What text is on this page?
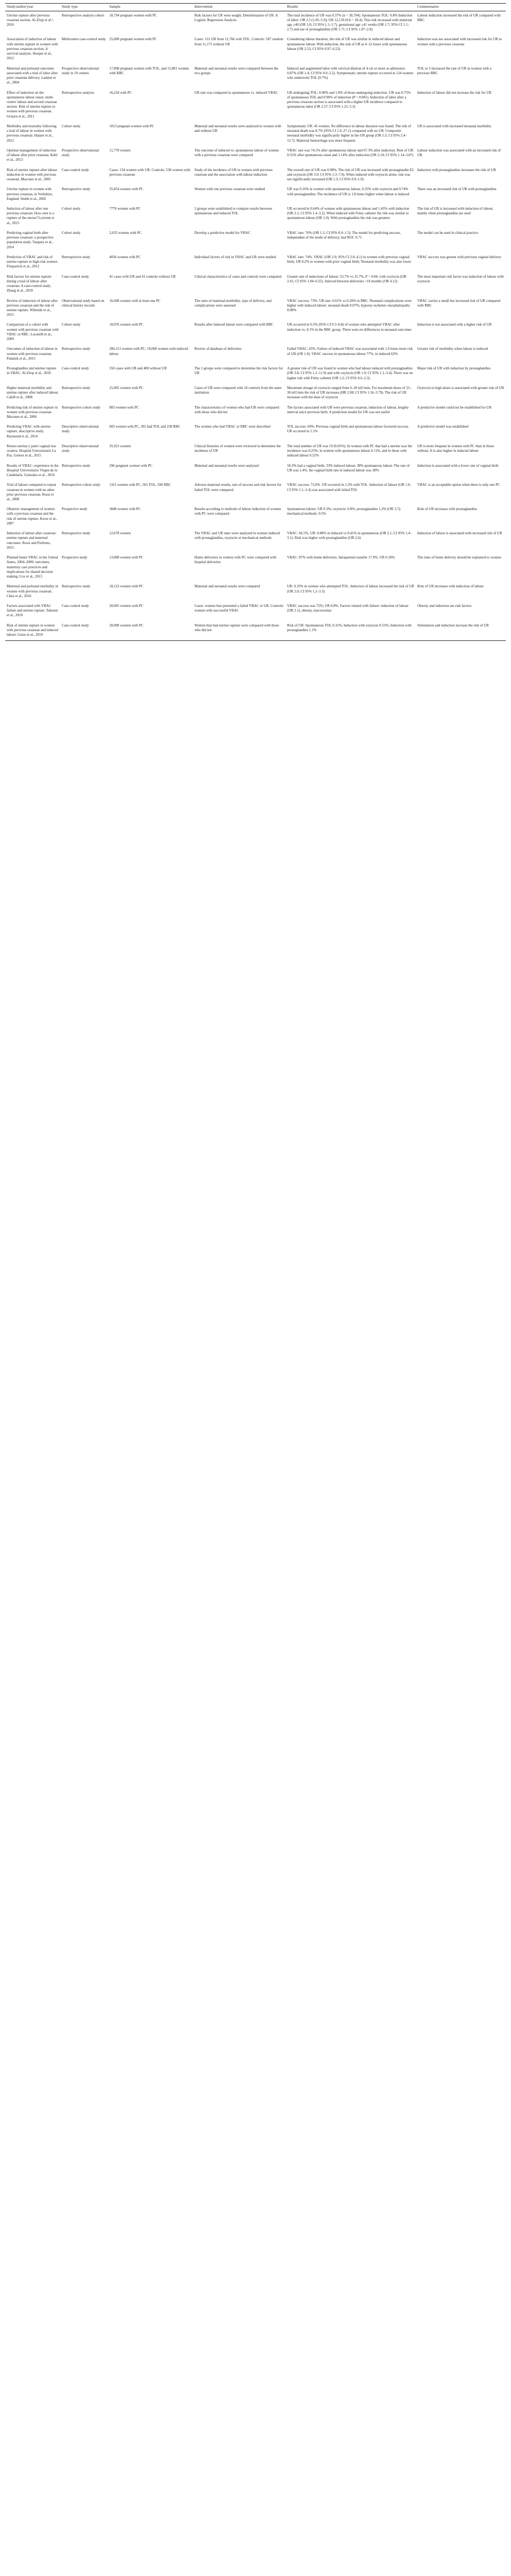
Study/author/year	Study type	Sample	Intervention	Results	Commentaries
Uterine rupture after previous cesarean section. Al-Zirqi et al.², 2016	Retrospective analysis cohort	18,794 pregnant women with PC	Risk factors for UR were sought. Determination of UR. A Logistic Regression Analysis	The total incidence of UR was 0.37% (n = 18,794). Spontaneous TOL: 0.8% Induction of labor: OR 2.5 (1.05–5.9); UR 12,110 (0.6 = 18.4). This risk increased with maternal age ≥40 (OR 3.0; CI 95% 1.1–5.7), gestational age ≥41 weeks (OR 1.7; 95% CI 1.1–2.7) and use of prostaglandins (OR 1.71; CI 95% 1.07–2.8)	Labour induction increased the risk of UR compared with RBC
Association of induction of labour with uterine rupture in women with previous cesarean section: A survival analysis. Hooper et al., 2012	Multicentre case-control study	25,000 pregnant women with PC	Cases: 131 UR from 11,766 with TOL. Controls: 587 random from 11,175 without UR	Considering labour duration, the risk of UR was similar in induced labour and spontaneous labour. With induction, the risk of UR at 4–12 hours with spontaneous labour (OR 2.52; CI 95% 0.97–6.52)	Induction was not associated with increased risk for UR in women with a previous cesarean
Maternal and perinatal outcomes associated with a trial of labor after prior cesarean delivery. Landon et al., 2004	Prospective observational study in 19 centres	17,898 pregnant women with TOL; and 15,801 women with RBC	Maternal and neonatal results were compared between the two groups	Induced and augmented labor with cervical dilation of 4 cm or more at admission: 0.87% (OR 1.4; CI 95% 0.9–2.2). Symptomatic uterine rupture occurred in 124 women who underwent TOL (0.7%)	TOL in 3 increased the rate of UR in women with a previous RBC
Effect of induction on the spontaneous labour onset; multi-centric labour and second cesarean section. Risk of uterine rupture in women with previous cesarean. Grisaru et al., 2011	Retrospective analysis	16,234 with PC	UR rate was compared in spontaneous vs. induced VBAC	UR undergoing TOL: 0.90% and 1.8% of those undergoing induction. UR was 0.75% of spontaneous TOL and 0.96% of induction (P < 0.001). Induction of labor after a previous cesarean section is associated with a higher UR incidence compared to spontaneous labor (OR 2.57; CI 95% 1.25–5.3)	Induction of labour did not increase the risk for UR
Morbidity and mortality following a trial of labour in women with previous cesarean. Harper et al., 2012	Cohort study	1013 pregnant women with PC	Maternal and neonatal results were analyzed in women with and without UR	Symptomatic UR: 45 women. No difference in labour duration was found. The risk of neonatal death was 8.7% (95% CI 1.6–27.1) compared with no UR. Composite neonatal morbidity was significantly higher in the UR group (OR 5.5; CI 95% 2.4–12.7). Maternal hemorrhage was more frequent	UR is associated with increased neonatal morbidity
Optimal management of induction of labour after prior cesarean. Kehl et al., 2013	Prospective observational study	11,778 women	The outcome of induced vs. spontaneous labour of women with a previous cesarean were compared	VBAC rate was 74.1% after spontaneous labour and 67.3% after induction. Risk of UR: 0.55% after spontaneous onset and 1.14% after induction (OR 2.10; CI 95% 1.14–3.87)	Labour induction was associated with an increased risk of UR
Risk of uterine rupture after labour induction in women with previous cesarean. Macones et al., 2005	Case-control study	Cases: 134 women with UR. Controls: 538 women with previous cesarean	Study of the incidence of UR in women with previous cesarean and the association with labour induction	The overall rate of UR was 0.98%. The risk of UR was increased with prostaglandin E2 and oxytocin (OR 3.0; CI 95% 1.3–7.0). When induced with oxytocin alone, risk was not significantly increased (OR 1.3; CI 95% 0.9–1.9)	Induction with prostaglandins increases the risk of UR
Uterine rupture in women with previous cesarean, in Yorkshire, England. Smith et al., 2002	Retrospective study	35,854 women with PC	Women with one previous cesarean were studied	UR was 0.16% in women with spontaneous labour, 0.35% with oxytocin and 0.74% with prostaglandins. The incidence of UR is 1.8 times higher when labour is induced	There was an increased risk of UR with prostaglandins
Induction of labour after one previous cesarean: How sure is a rupture of the uterus? Lovrenn et al., 2015	Cohort study	7770 women with PC	2 groups were established to compare results between spontaneous and induced TOL	UR occurred in 0.64% of women with spontaneous labour and 1.45% with induction (OR 2.1; CI 95% 1.4–3.2). When induced with Foley catheter the risk was similar to spontaneous labour (OR 1.0). With prostaglandins the risk was greatest	The risk of UR is increased with induction of labour, mainly when prostaglandins are used
Predicting vaginal birth after previous cesarean: a prospective population study. Vasquez et al., 2014	Cohort study	2,635 women with PC	Develop a predictive model for VBAC	VBAC rate: 76% (OR 1.2; CI 95% 0.9–1.5). The model for predicting success, independent of the mode of delivery, had ROC 0.71	The model can be used in clinical practice
Prediction of VBAC and risk of uterine rupture in high-risk women. Fitzpatrick et al., 2012	Retrospective study	4036 women with PC	Individual factors of risk in VBAC and UR were studied	VBAC rate: 74%. VBAC (OR 2.9; 95% CI 2.0–4.1) in women with previous vaginal birth; UR 0.2% in women with prior vaginal birth; Neonatal morbidity was also lower	VBAC success was greater with previous vaginal delivery
Risk factors for uterine rupture during a trial of labour after cesarean: A case-control study. Zhang et al., 2018	Case-control study	41 cases with UR and 41 controls without UR	Clinical characteristics of cases and controls were compared	Greater rate of inductions of labour: 53.7% vs 31.7%, P = 0.04; with oxytocin (OR 2.61; CI 95% 1.04–6.55). Interval between deliveries <18 months (OR 4.12)	The most important risk factor was induction of labour with oxytocin
Review of induction of labour after previous cesarean and the risk of uterine rupture. Wilmink et al., 2015	Observational study based on clinical history records	16,600 women with at least one PC	The rates of maternal morbidity, type of delivery, and complications were assessed	VBAC success: 73%. UR rate: 0.61% vs 0.20% in RBC. Neonatal complications were higher with induced labour: neonatal death 0.07%; hypoxic-ischemic encephalopathy 0.08%	VBAC carries a small but increased risk of UR compared with RBC
Comparison of a cohort with women with previous cesarean with VBAC or RBC. Locatelli et al., 2009	Cohort study	10,076 women with PC	Results after induced labour were compared with RBC	UR occurred in 0.5% (95% CI 0.3–0.8) of women who attempted VBAC after induction vs. 0.1% in the RBC group. There were no differences in neonatal outcomes	Induction is not associated with a higher risk of UR
Outcomes of induction of labour in women with previous cesarean. Palatnik et al., 2015	Retrospective study	206,113 women with PC; 19,068 women with induced labour	Review of database of deliveries	Failed VBAC: 43%. Failure of induced VBAC was associated with 1.9 times more risk of UR (OR 1.9). VBAC success in spontaneous labour 77%, in induced 62%	Greater risk of morbidity when labour is induced
Prostaglandins and uterine rupture in VBAC. Al-Zirqi et al., 2010	Case-control study	350 cases with UR and 400 without UR	The 2 groups were compared to determine the risk factors for UR	A greater risk of UR was found in women who had labour induced with prostaglandins (OR 3.8; CI 95% 1.2–11.9) and with oxytocin (OR 1.9; CI 95% 1.1–3.4). There was no higher risk with Foley catheter (OR 1.2; CI 95% 0.6–2.3)	Major risk of UR with induction by prostaglandins
Higher maternal morbidity and uterine rupture after induced labour. Cahill et al., 2008	Retrospective study	25,005 women with PC	Cases of UR were compared with 10 controls from the same institution	Maximum dosage of oxytocin ranged from 6–20 mU/min. For maximum doses of 21–30 mU/min the risk of UR increases (HR 2.08; CI 95% 1.16–3.79). The risk of UR increases with the dose of oxytocin	Oxytocin in high doses is associated with greater risk of UR
Predicting risk of uterine rupture in women with previous cesarean. Macones et al., 2006	Retrospective cohort study	803 women with PC	The characteristics of women who had UR were compared with those who did not	The factors associated with UR were previous cesarean, induction of labour, lengthy interval since previous birth. A prediction model for UR was not useful	A predictive model could not be established for UR
Predicting VBAC with uterine rupture, descriptive study. Raymond et al., 2014	Descriptive observational study	603 women with PC, 365 had TOL and 238 RBC	The women who had VBAC or RBC were described	TOL success: 69%. Previous vaginal birth and spontaneous labour favoured success. UR occurred in 1.1%	A predictive model was established
Rotura uterina y parto vaginal tras cesárea. Hospital Universitario La Paz. Gomez et al., 2015	Descriptive observational study	35,923 women	Clinical histories of women were reviewed to determine the incidence of UR	The total number of UR was 19 (0.05%). In women with PC that had a uterine scar the incidence was 0.23%; in women with spontaneous labour 0.11%, and in those with induced labour 0.52%	UR is more frequent in women with PC than in those without. It is also higher in induced labour
Results of VBAC: experience in the Hospital Universitario Virgen de la Candelaria. Gonzalez et al., 2016	Retrospective study	296 pregnant women with PC	Maternal and neonatal results were analyzed	50.3% had a vaginal birth; 33% induced labour, 38% spontaneous labour. The rate of UR was 1.4%, the vaginal birth rate in induced labour was 38%	Induction is associated with a lower rate of vaginal birth
Trial of labour compared to repeat cesarean in women with no other prior previous cesarean. Rossi et al., 2008	Retrospective cohort study	1161 women with PC; 565 TOL, 596 RBC	Adverse maternal results, rate of success and risk factors for failed TOL were compared	VBAC success: 72.6%. UR occurred in 1.2% with TOL. Induction of labour (OR 1.6; CI 95% 1.1–2.4) was associated with failed TOL	VBAC is an acceptable option when there is only one PC
Obstetric management of women with a previous cesarean and the risk of uterine rupture. Kwee et al., 2007	Prospective study	3048 women with PC	Results according to methods of labour induction of women with PC were compared	Spontaneous labour: UR 0.3%; oxytocin: 0.8%; prostaglandins 1.2% (OR 3.7); mechanical methods: 0.5%	Risk of UR increases with prostaglandins
Induction of labour after cesarean: uterine rupture and maternal outcomes. Rossi and Prefumo, 2015	Retrospective study	12,678 women	The VBAC and UR rates were analyzed in women induced with prostaglandins, oxytocin or mechanical methods	VBAC: 66.5%. UR: 0.88% in induced vs 0.41% in spontaneous (OR 2.1; CI 95% 1.4–3.1). Risk was higher with prostaglandins (OR 2.6)	Induction of labour is associated with increased risk of UR
Planned home VBAC in the United States, 2004–2009: outcomes, maternity care practices and implications for shared decision making. Cox et al., 2015	Prospective study	13,000 women with PC	Home deliveries in women with PC were compared with hospital deliveries	VBAC: 87% with home deliveries. Intrapartum transfer 17.9%. UR 0.10%	The risks of home delivery should be explained to women
Maternal and perinatal morbidity in women with previous cesarean. Chen et al., 2016	Retrospective study	18,123 women with PC	Maternal and neonatal results were compared	UR: 0.35% in women who attempted TOL. Induction of labour increased the risk of UR (OR 2.0; CI 95% 1.2–3.3)	Risk of UR increases with induction of labour
Factors associated with VBAC failure and uterine rupture. Tahseen et al., 2010	Case-control study	20,005 women with PC	Cases: women that presented a failed VBAC or UR. Controls: women with successful VBAC	VBAC success was 72%; UR 0.8%. Factors related with failure: induction of labour (OR 2.1), obesity, macrosomia	Obesity and induction are risk factors
Risk of uterine rupture in women with previous cesarean and induced labour. Guise et al., 2010	Case-control study	20,000 women with PC	Women that had uterine rupture were compared with those who did not	Risk of UR: Spontaneous TOL 0.31%; Induction with oxytocin 0.55%; Induction with prostaglandins 1.1%	Stimulation and induction increase the risk of UR
